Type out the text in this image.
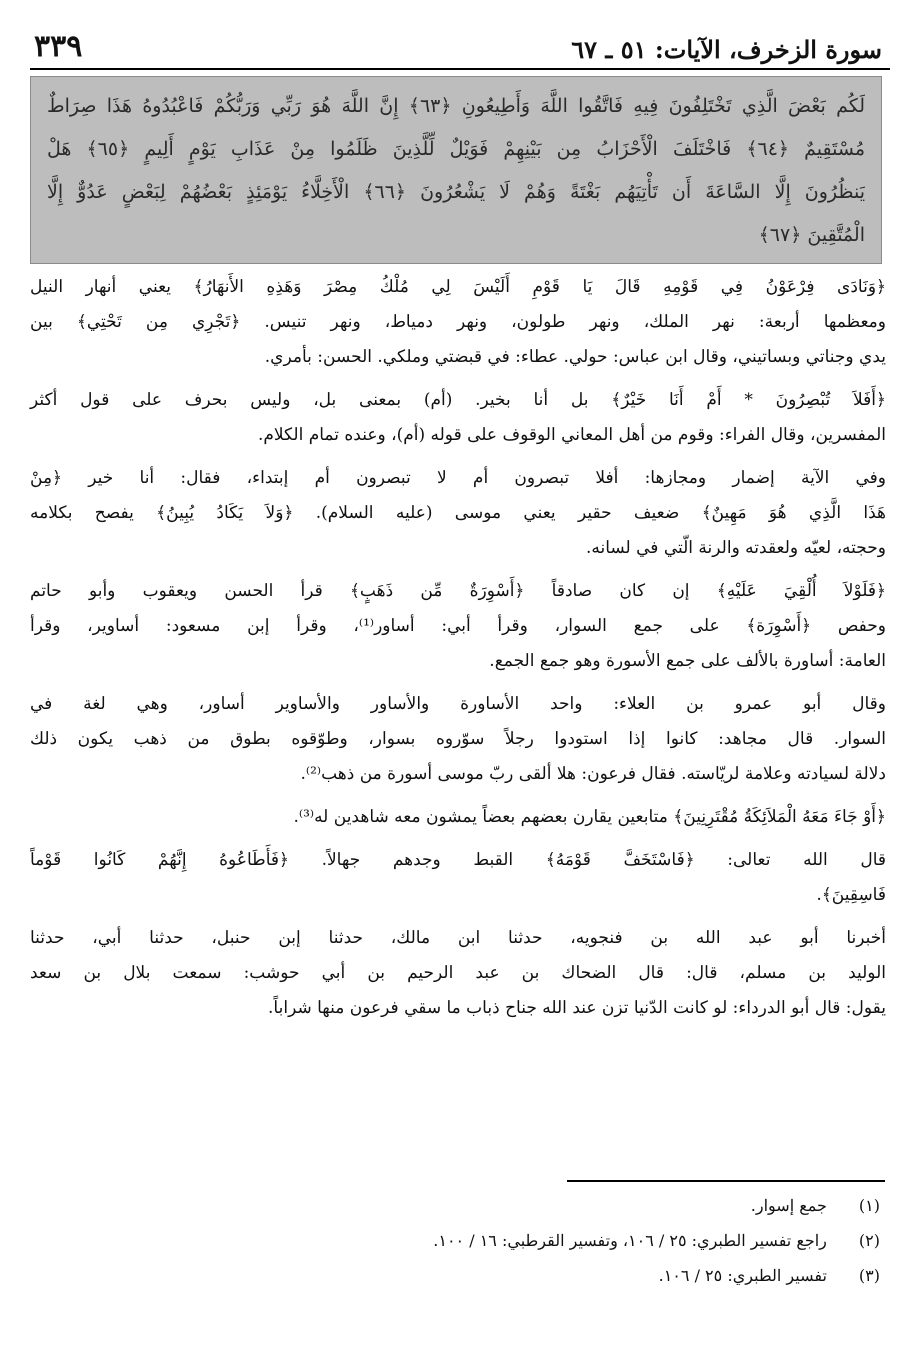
٣٣٩	سورة الزخرف، الآيات: ٥١ ـ ٦٧
لَكُم بَعْضَ الَّذِي تَخْتَلِفُونَ فِيهِ فَاتَّقُوا اللَّهَ وَأَطِيعُونِ ﴿٦٣﴾ إِنَّ اللَّهَ هُوَ رَبِّي وَرَبُّكُمْ فَاعْبُدُوهُ هَذَا صِرَاطٌ
مُسْتَقِيمٌ ﴿٦٤﴾ فَاخْتَلَفَ الْأَحْزَابُ مِن بَيْنِهِمْ فَوَيْلٌ لِّلَّذِينَ ظَلَمُوا مِنْ عَذَابِ يَوْمٍ أَلِيمٍ ﴿٦٥﴾ هَلْ
يَنظُرُونَ إِلَّا السَّاعَةَ أَن تَأْتِيَهُم بَغْتَةً وَهُمْ لَا يَشْعُرُونَ ﴿٦٦﴾ الْأَخِلَّاءُ يَوْمَئِذٍ بَعْضُهُمْ لِبَعْضٍ عَدُوٌّ إِلَّا
الْمُتَّقِينَ ﴿٦٧﴾
﴿وَنَادَى فِرْعَوْنُ فِي قَوْمِهِ قَالَ يَا قَوْمِ أَلَيْسَ لِي مُلْكُ مِصْرَ وَهَذِهِ الأَنهَارُ﴾ يعني أنهار النيل
ومعظمها أربعة: نهر الملك، ونهر طولون، ونهر دمياط، ونهر تنيس. ﴿تَجْرِي مِن تَحْتِي﴾ بين
يدي وجناتي وبساتيني، وقال ابن عباس: حولي. عطاء: في قبضتي وملكي. الحسن: بأمري.
﴿أَفَلاَ تُبْصِرُونَ * أَمْ أَنَا خَيْرٌ﴾ بل أنا بخير. (أم) بمعنى بل، وليس بحرف على قول أكثر
المفسرين، وقال الفراء: وقوم من أهل المعاني الوقوف على قوله (أم)، وعنده تمام الكلام.
وفي الآية إضمار ومجازها: أفلا تبصرون أم لا تبصرون أم إبتداء، فقال: أنا خير ﴿مِنْ
هَذَا الَّذِي هُوَ مَهِينٌ﴾ ضعيف حقير يعني موسى (عليه السلام). ﴿وَلاَ يَكَادُ يُبِينُ﴾ يفصح بكلامه
وحجته، لعيّه ولعقدته والرنة الّتي في لسانه.
﴿فَلَوْلاَ أُلْقِيَ عَلَيْهِ﴾ إن كان صادقاً ﴿أَسْوِرَةٌ مِّن ذَهَبٍ﴾ قرأ الحسن ويعقوب وأبو حاتم
وحفص ﴿أَسْوِرَة﴾ على جمع السوار، وقرأ أبي: أساور⁽¹⁾، وقرأ إبن مسعود: أساوير، وقرأ
العامة: أساورة بالألف على جمع الأسورة وهو جمع الجمع.
وقال أبو عمرو بن العلاء: واحد الأساورة والأساور والأساوير أساور، وهي لغة في
السوار. قال مجاهد: كانوا إذا استودوا رجلاً سوّروه بسوار، وطوّقوه بطوق من ذهب يكون ذلك
دلالة لسيادته وعلامة لريّاسته. فقال فرعون: هلا ألقى ربّ موسى أسورة من ذهب⁽²⁾.
﴿أَوْ جَاءَ مَعَهُ الْمَلاَئِكَةُ مُقْتَرِنِينَ﴾ متابعين يقارن بعضهم بعضاً يمشون معه شاهدين له⁽³⁾.
قال الله تعالى: ﴿فَاسْتَخَفَّ قَوْمَهُ﴾ القبط وجدهم جهالاً. ﴿فَأَطَاعُوهُ إِنَّهُمْ كَانُوا قَوْماً
فَاسِقِينَ﴾.
أخبرنا أبو عبد الله بن فنجويه، حدثنا ابن مالك، حدثنا إبن حنبل، حدثنا أبي، حدثنا
الوليد بن مسلم، قال: قال الضحاك بن عبد الرحيم بن أبي حوشب: سمعت بلال بن سعد
يقول: قال أبو الدرداء: لو كانت الدّنيا تزن عند الله جناح ذباب ما سقي فرعون منها شراباً.
(١) جمع إسوار.
(٢) راجع تفسير الطبري: ٢٥ / ١٠٦، وتفسير القرطبي: ١٦ / ١٠٠.
(٣) تفسير الطبري: ٢٥ / ١٠٦.
